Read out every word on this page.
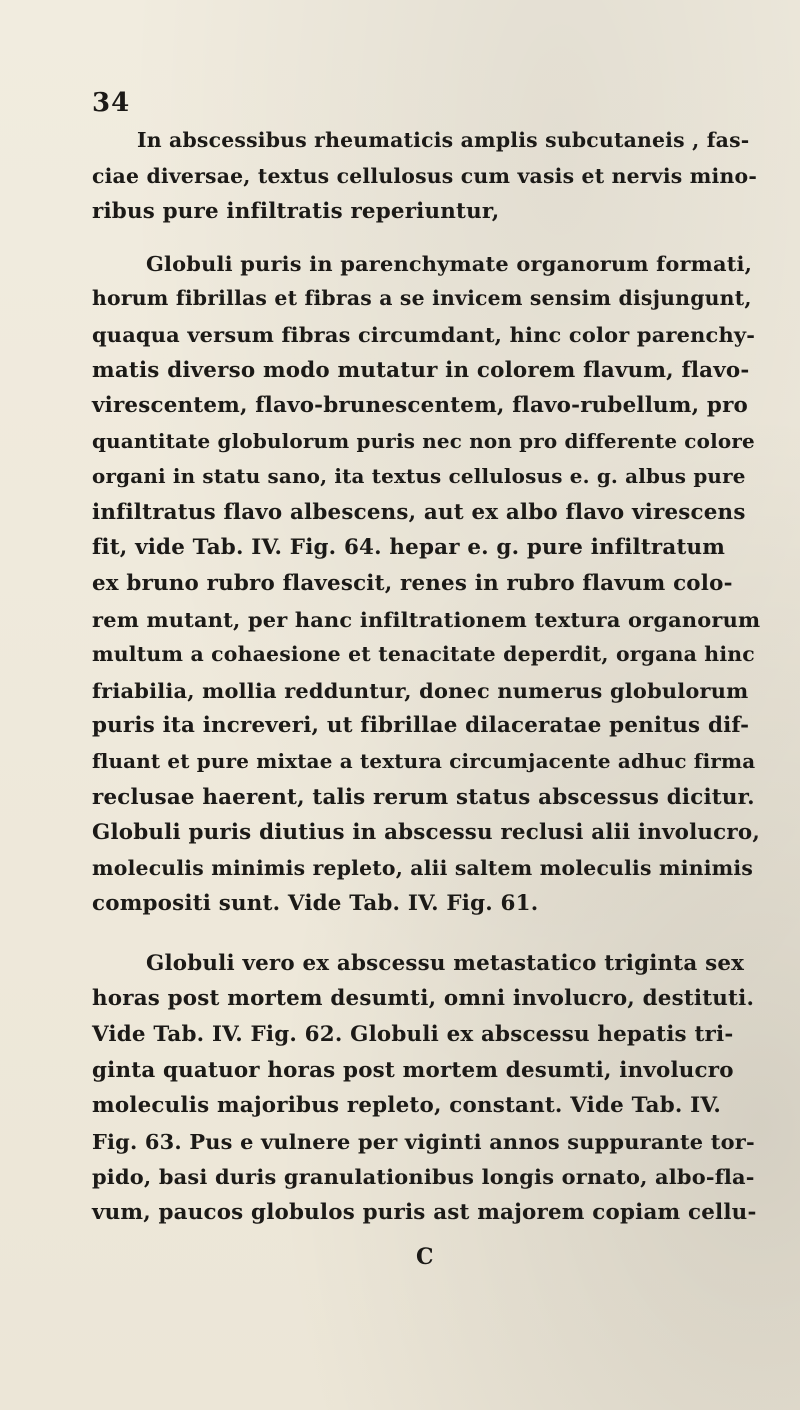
34
In abscessibus rheumaticis amplis subcutaneis , fas-
ciae diversae, textus cellulosus cum vasis et nervis mino-
ribus pure infiltratis reperiuntur,
Globuli puris in parenchymate organorum formati,
horum fibrillas et fibras a se invicem sensim disjungunt,
quaqua versum fibras circumdant, hinc color parenchy-
matis diverso modo mutatur in colorem flavum, flavo-
virescentem, flavo-brunescentem, flavo-rubellum, pro
quantitate globulorum puris nec non pro differente colore
organi in statu sano, ita textus cellulosus e. g. albus pure
infiltratus flavo albescens, aut ex albo flavo virescens
fit, vide Tab. IV. Fig. 64. hepar e. g. pure infiltratum
ex bruno rubro flavescit, renes in rubro flavum colo-
rem mutant, per hanc infiltrationem textura organorum
multum a cohaesione et tenacitate deperdit, organa hinc
friabilia, mollia redduntur, donec numerus globulorum
puris ita increveri, ut fibrillae dilaceratae penitus dif-
fluant et pure mixtae a textura circumjacente adhuc firma
reclusae haerent, talis rerum status abscessus dicitur.
Globuli puris diutius in abscessu reclusi alii involucro,
moleculis minimis repleto, alii saltem moleculis minimis
compositi sunt. Vide Tab. IV. Fig. 61.
Globuli vero ex abscessu metastatico triginta sex
horas post mortem desumti, omni involucro, destituti.
Vide Tab. IV. Fig. 62. Globuli ex abscessu hepatis tri-
ginta quatuor horas post mortem desumti, involucro
moleculis majoribus repleto, constant. Vide Tab. IV.
Fig. 63. Pus e vulnere per viginti annos suppurante tor-
pido, basi duris granulationibus longis ornato, albo-fla-
vum, paucos globulos puris ast majorem copiam cellu-
C
